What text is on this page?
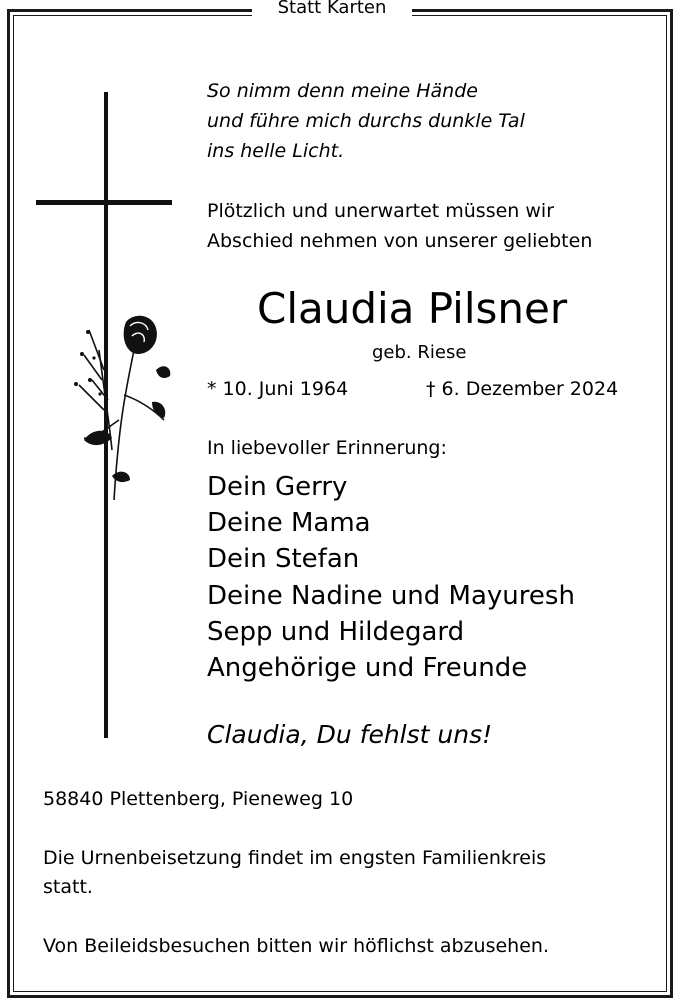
Statt Karten
So nimm denn meine Hände
und führe mich durchs dunkle Tal
ins helle Licht.
Plötzlich und unerwartet müssen wir
Abschied nehmen von unserer geliebten
Claudia Pilsner
geb. Riese
* 10. Juni 1964	† 6. Dezember 2024
In liebevoller Erinnerung:
Dein Gerry
Deine Mama
Dein Stefan
Deine Nadine und Mayuresh
Sepp und Hildegard
Angehörige und Freunde
Claudia, Du fehlst uns!
58840 Plettenberg, Pieneweg 10
Die Urnenbeisetzung findet im engsten Familienkreis
statt.
Von Beileidsbesuchen bitten wir höflichst abzusehen.
